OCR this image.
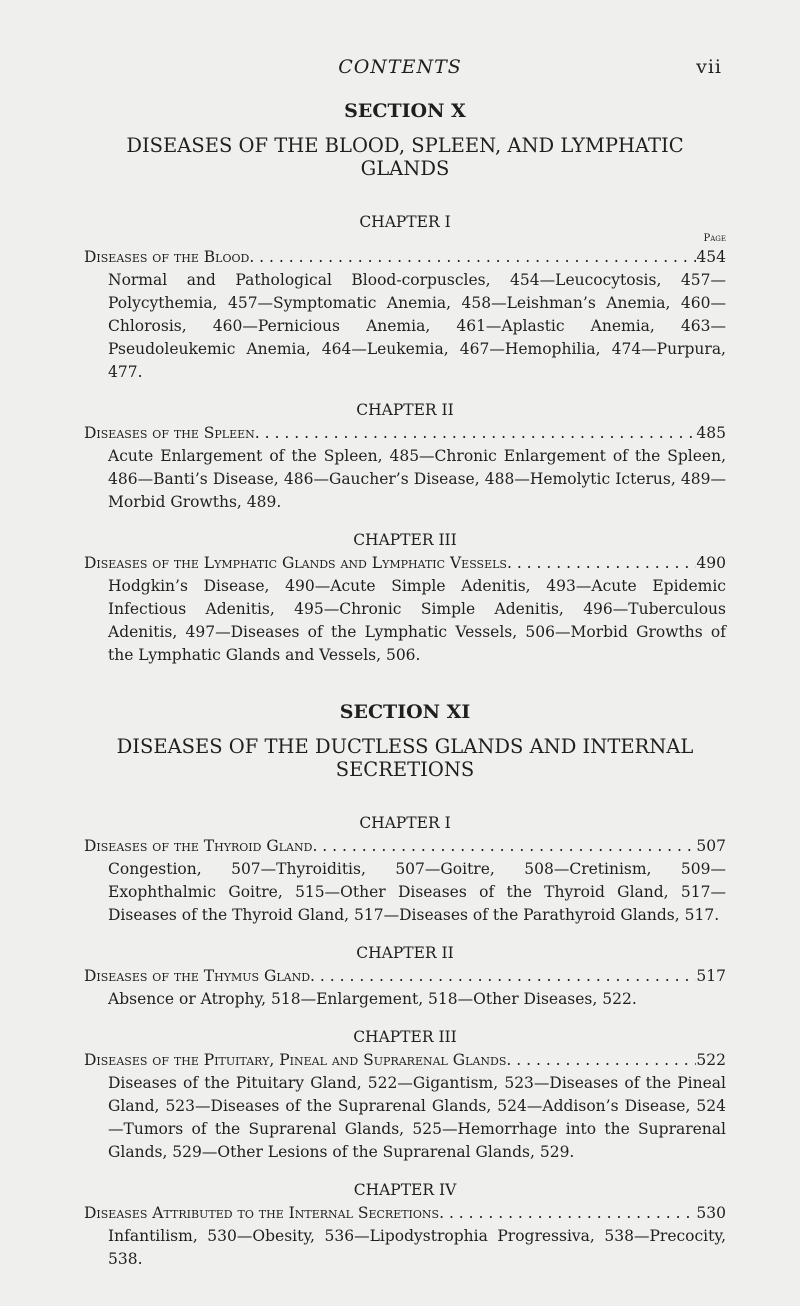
CONTENTS	vii
SECTION X
DISEASES OF THE BLOOD, SPLEEN, AND LYMPHATIC
GLANDS
CHAPTER I
Page
Diseases of the Blood . . .	454

Normal and Pathological Blood-corpuscles, 454—Leucocytosis, 457—Polycythemia, 457—Symptomatic Anemia, 458—Leishman’s Anemia, 460—Chlorosis, 460—Pernicious Anemia, 461—Aplastic Anemia, 463—Pseudoleukemic Anemia, 464—Leukemia, 467—Hemophilia, 474—Purpura, 477.

CHAPTER II
Diseases of the Spleen . . .	485

Acute Enlargement of the Spleen, 485—Chronic Enlargement of the Spleen, 486—Banti’s Disease, 486—Gaucher’s Disease, 488—Hemolytic Icterus, 489—Morbid Growths, 489.

CHAPTER III
Diseases of the Lymphatic Glands and Lymphatic Vessels . . .	490

Hodgkin’s Disease, 490—Acute Simple Adenitis, 493—Acute Epidemic Infectious Adenitis, 495—Chronic Simple Adenitis, 496—Tuberculous Adenitis, 497—Diseases of the Lymphatic Vessels, 506—Morbid Growths of the Lymphatic Glands and Vessels, 506.

SECTION XI
DISEASES OF THE DUCTLESS GLANDS AND INTERNAL
SECRETIONS
CHAPTER I
Diseases of the Thyroid Gland . . .	507

Congestion, 507—Thyroiditis, 507—Goitre, 508—Cretinism, 509—Exophthalmic Goitre, 515—Other Diseases of the Thyroid Gland, 517—Diseases of the Thyroid Gland, 517—Diseases of the Parathyroid Glands, 517.

CHAPTER II
Diseases of the Thymus Gland . . .	517

Absence or Atrophy, 518—Enlargement, 518—Other Diseases, 522.

CHAPTER III
Diseases of the Pituitary, Pineal and Suprarenal Glands . . .	522

Diseases of the Pituitary Gland, 522—Gigantism, 523—Diseases of the Pineal Gland, 523—Diseases of the Suprarenal Glands, 524—Addison’s Disease, 524—Tumors of the Suprarenal Glands, 525—Hemorrhage into the Suprarenal Glands, 529—Other Lesions of the Suprarenal Glands, 529.

CHAPTER IV
Diseases Attributed to the Internal Secretions . . .	530

Infantilism, 530—Obesity, 536—Lipodystrophia Progressiva, 538—Precocity, 538.
